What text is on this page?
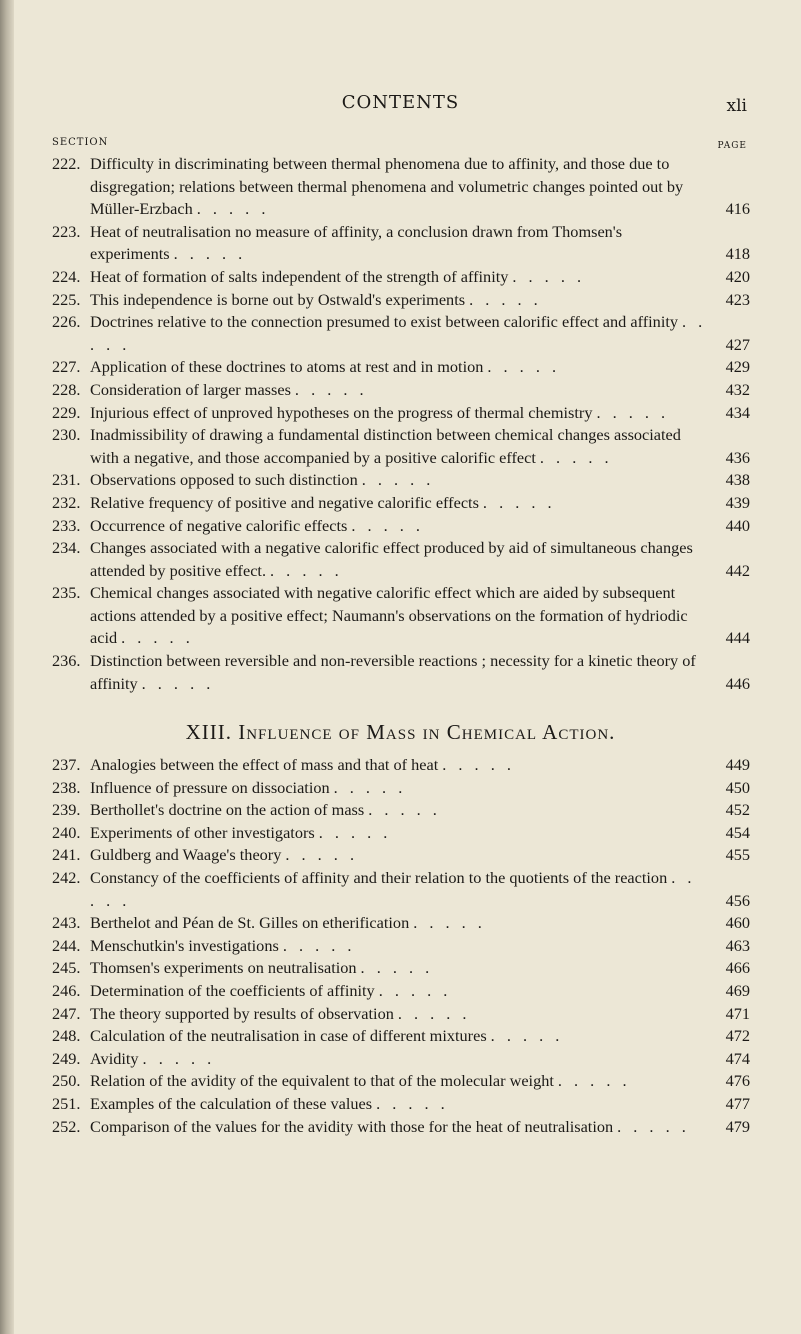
CONTENTS	xli
SECTION	PAGE
222. Difficulty in discriminating between thermal phenomena due to affinity, and those due to disgregation; relations between thermal phenomena and volumetric changes pointed out by Müller-Erzbach . . . . .	416
223. Heat of neutralisation no measure of affinity, a conclusion drawn from Thomsen's experiments . . . . .	418
224. Heat of formation of salts independent of the strength of affinity . . . . .	420
225. This independence is borne out by Ostwald's experiments . . . . .	423
226. Doctrines relative to the connection presumed to exist between calorific effect and affinity . . . . .	427
227. Application of these doctrines to atoms at rest and in motion . . . . .	429
228. Consideration of larger masses . . . . .	432
229. Injurious effect of unproved hypotheses on the progress of thermal chemistry . . . . .	434
230. Inadmissibility of drawing a fundamental distinction between chemical changes associated with a negative, and those accompanied by a positive calorific effect . . . . .	436
231. Observations opposed to such distinction . . . . .	438
232. Relative frequency of positive and negative calorific effects . . . . .	439
233. Occurrence of negative calorific effects . . . . .	440
234. Changes associated with a negative calorific effect produced by aid of simultaneous changes attended by positive effect. . . . . .	442
235. Chemical changes associated with negative calorific effect which are aided by subsequent actions attended by a positive effect; Naumann's observations on the formation of hydriodic acid . . . . .	444
236. Distinction between reversible and non-reversible reactions ; necessity for a kinetic theory of affinity . . . . .	446
XIII. Influence of Mass in Chemical Action.
237. Analogies between the effect of mass and that of heat . . . . .	449
238. Influence of pressure on dissociation . . . . .	450
239. Berthollet's doctrine on the action of mass . . . . .	452
240. Experiments of other investigators . . . . .	454
241. Guldberg and Waage's theory . . . . .	455
242. Constancy of the coefficients of affinity and their relation to the quotients of the reaction . . . . .	456
243. Berthelot and Péan de St. Gilles on etherification . . . . .	460
244. Menschutkin's investigations . . . . .	463
245. Thomsen's experiments on neutralisation . . . . .	466
246. Determination of the coefficients of affinity . . . . .	469
247. The theory supported by results of observation . . . . .	471
248. Calculation of the neutralisation in case of different mixtures . . . . .	472
249. Avidity . . . . .	474
250. Relation of the avidity of the equivalent to that of the molecular weight . . . . .	476
251. Examples of the calculation of these values . . . . .	477
252. Comparison of the values for the avidity with those for the heat of neutralisation . . . . .	479
